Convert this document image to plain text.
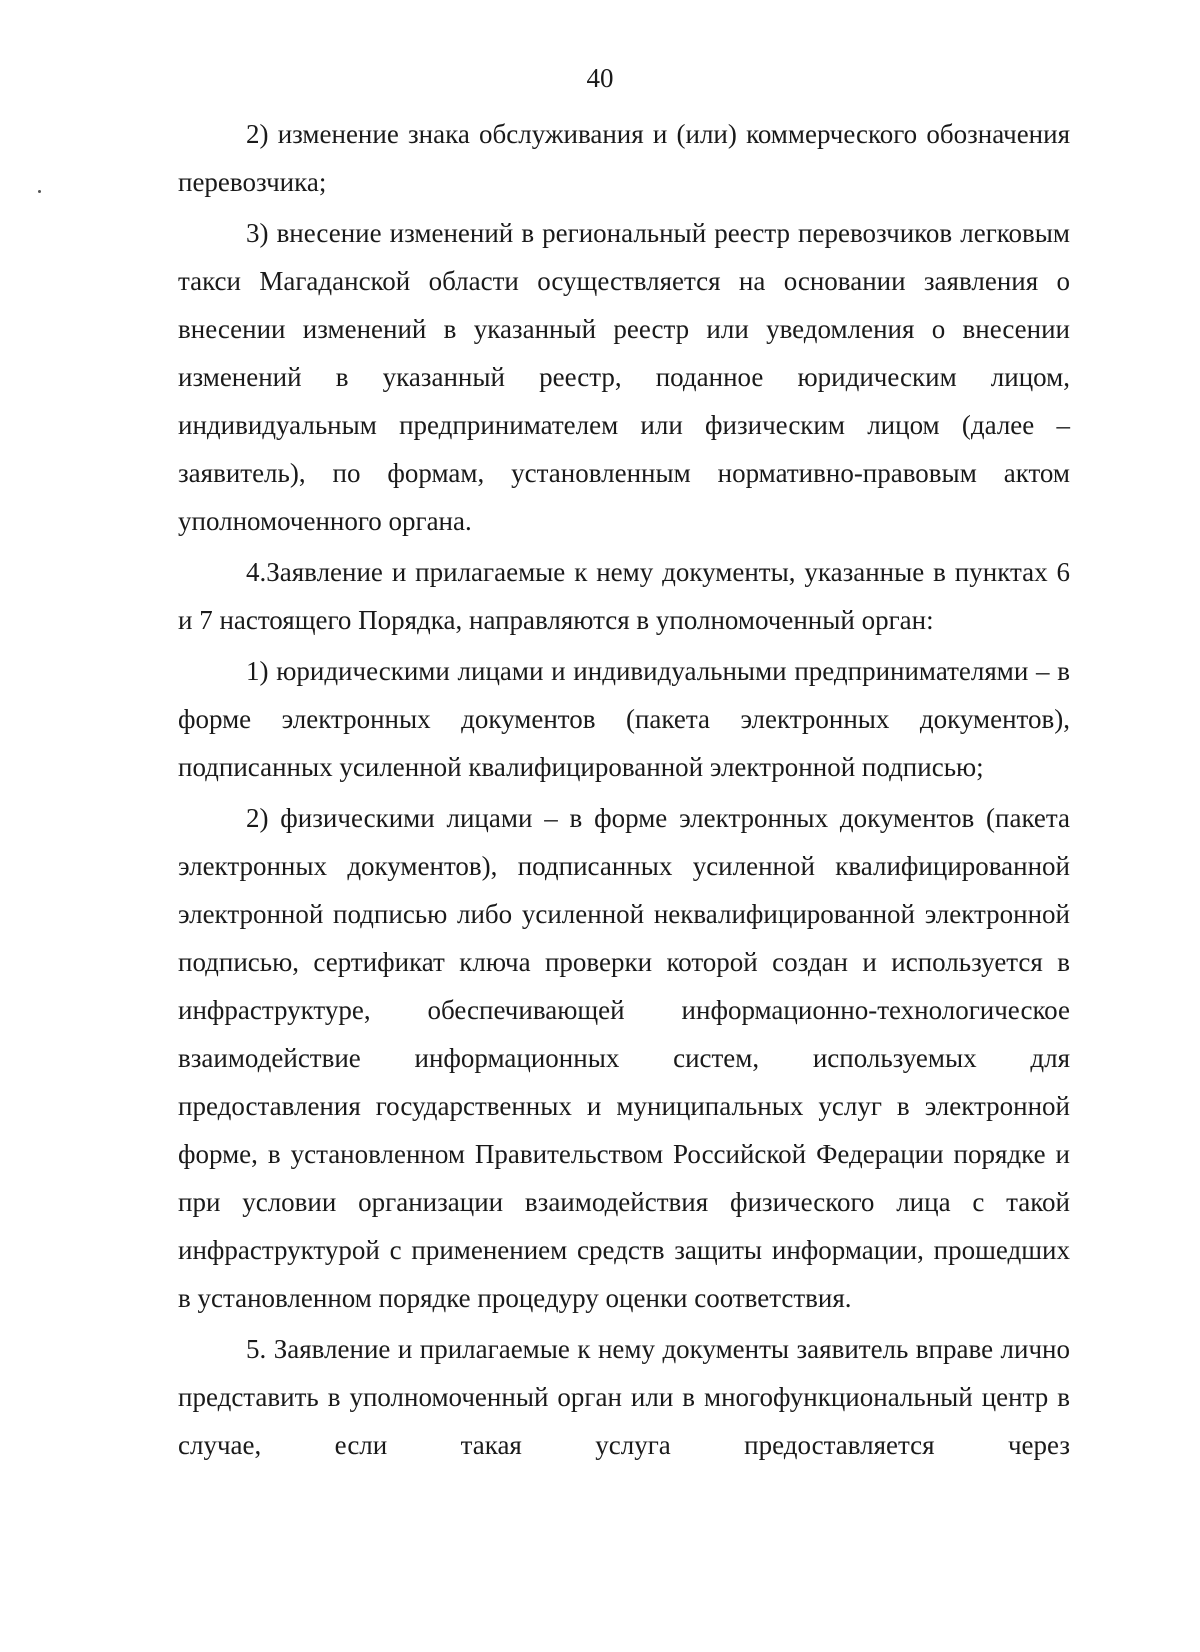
40

2) изменение знака обслуживания и (или) коммерческого обозначения перевозчика;

3) внесение изменений в региональный реестр перевозчиков легковым такси Магаданской области осуществляется на основании заявления о внесении изменений в указанный реестр или уведомления о внесении изменений в указанный реестр, поданное юридическим лицом, индивидуальным предпринимателем или физическим лицом (далее – заявитель), по формам, установленным нормативно-правовым актом уполномоченного органа.

4.Заявление и прилагаемые к нему документы, указанные в пунктах 6 и 7 настоящего Порядка, направляются в уполномоченный орган:

1) юридическими лицами и индивидуальными предпринимателями – в форме электронных документов (пакета электронных документов), подписанных усиленной квалифицированной электронной подписью;

2) физическими лицами – в форме электронных документов (пакета электронных документов), подписанных усиленной квалифицированной электронной подписью либо усиленной неквалифицированной электронной подписью, сертификат ключа проверки которой создан и используется в инфраструктуре, обеспечивающей информационно-технологическое взаимодействие информационных систем, используемых для предоставления государственных и муниципальных услуг в электронной форме, в установленном Правительством Российской Федерации порядке и при условии организации взаимодействия физического лица с такой инфраструктурой с применением средств защиты информации, прошедших в установленном порядке процедуру оценки соответствия.

5. Заявление и прилагаемые к нему документы заявитель вправе лично представить в уполномоченный орган или в многофункциональный центр в случае, если такая услуга предоставляется через
